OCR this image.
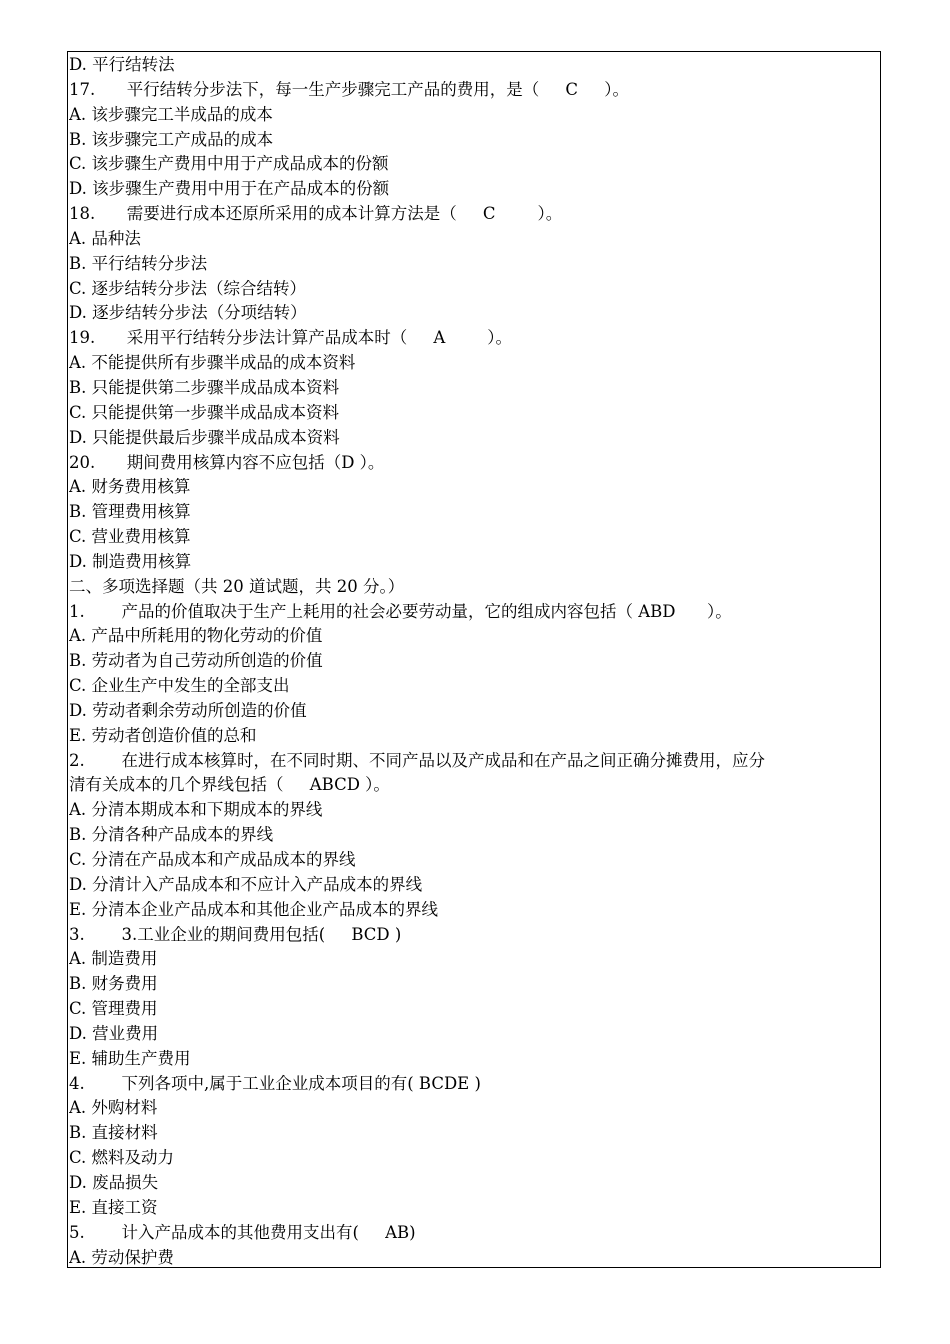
D. 平行结转法
17.      平行结转分步法下，每一生产步骤完工产品的费用，是（     C     ）。
A. 该步骤完工半成品的成本
B. 该步骤完工产成品的成本
C. 该步骤生产费用中用于产成品成本的份额
D. 该步骤生产费用中用于在产品成本的份额
18.      需要进行成本还原所采用的成本计算方法是（     C        ）。
A. 品种法
B. 平行结转分步法
C. 逐步结转分步法（综合结转）
D. 逐步结转分步法（分项结转）
19.      采用平行结转分步法计算产品成本时（     A        ）。
A. 不能提供所有步骤半成品的成本资料
B. 只能提供第二步骤半成品成本资料
C. 只能提供第一步骤半成品成本资料
D. 只能提供最后步骤半成品成本资料
20.      期间费用核算内容不应包括（D ）。
A. 财务费用核算
B. 管理费用核算
C. 营业费用核算
D. 制造费用核算
二、多项选择题（共 20 道试题，共 20 分。）
1.       产品的价值取决于生产上耗用的社会必要劳动量，它的组成内容包括（ ABD      ）。
A. 产品中所耗用的物化劳动的价值
B. 劳动者为自己劳动所创造的价值
C. 企业生产中发生的全部支出
D. 劳动者剩余劳动所创造的价值
E. 劳动者创造价值的总和
2.       在进行成本核算时，在不同时期、不同产品以及产成品和在产品之间正确分摊费用，应分
清有关成本的几个界线包括（     ABCD ）。
A. 分清本期成本和下期成本的界线
B. 分清各种产品成本的界线
C. 分清在产品成本和产成品成本的界线
D. 分清计入产品成本和不应计入产品成本的界线
E. 分清本企业产品成本和其他企业产品成本的界线
3.       3.工业企业的期间费用包括(     BCD )
A. 制造费用
B. 财务费用
C. 管理费用
D. 营业费用
E. 辅助生产费用
4.       下列各项中,属于工业企业成本项目的有( BCDE )
A. 外购材料
B. 直接材料
C. 燃料及动力
D. 废品损失
E. 直接工资
5.       计入产品成本的其他费用支出有(     AB)
A. 劳动保护费
